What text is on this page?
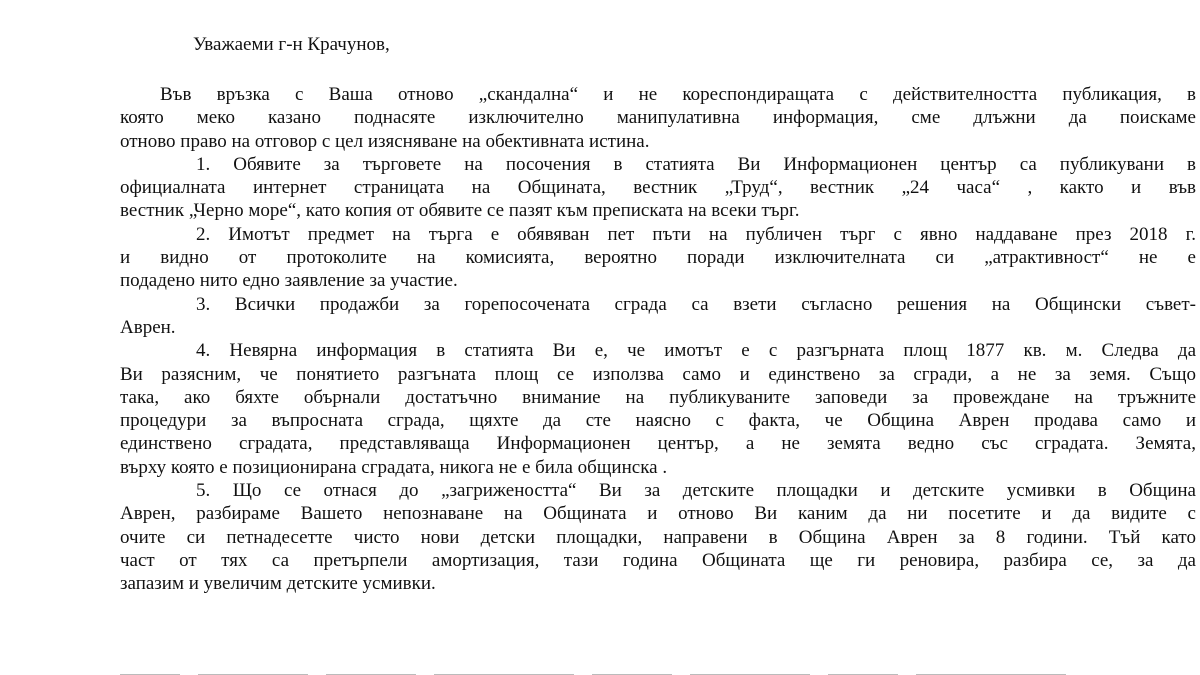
Уважаеми г-н Крачунов,
Във връзка с Ваша отново „скандална“ и не кореспондиращата с действителността публикация, в
която меко казано поднасяте изключително манипулативна информация, сме длъжни да поискаме
отново право на отговор с цел изясняване на обективната истина.
1. Обявите за търговете на посочения в статията Ви Информационен център са публикувани в
официалната интернет страницата на Общината, вестник „Труд“, вестник „24 часа“ , както и във
вестник „Черно море“, като копия от обявите се пазят към преписката на всеки търг.
2. Имотът предмет на търга е обявяван пет пъти на публичен търг с явно наддаване през 2018 г.
и видно от протоколите на комисията, вероятно поради изключителната си „атрактивност“ не е
подадено нито едно заявление за участие.
3. Всички продажби за горепосочената сграда са взети съгласно решения на Общински съвет-
Аврен.
4. Невярна информация в статията Ви е, че имотът е с разгърната площ 1877 кв. м. Следва да
Ви разясним, че понятието разгъната площ се използва само и единствено за сгради, а не за земя. Също
така, ако бяхте обърнали достатъчно внимание на публикуваните заповеди за провеждане на тръжните
процедури за въпросната сграда, щяхте да сте наясно с факта, че Община Аврен продава само и
единствено сградата, представляваща Информационен център, а не земята ведно със сградата. Земята,
върху която е позиционирана сградата, никога не е била общинска .
5. Що се отнася до „загрижеността“ Ви за детските площадки и детските усмивки в Община
Аврен, разбираме Вашето непознаване на Общината и отново Ви каним да ни посетите и да видите с
очите си петнадесетте чисто нови детски площадки, направени в Община Аврен за 8 години. Тъй като
част от тях са претърпели амортизация, тази година Общината ще ги реновира, разбира се, за да
запазим и увеличим детските усмивки.
